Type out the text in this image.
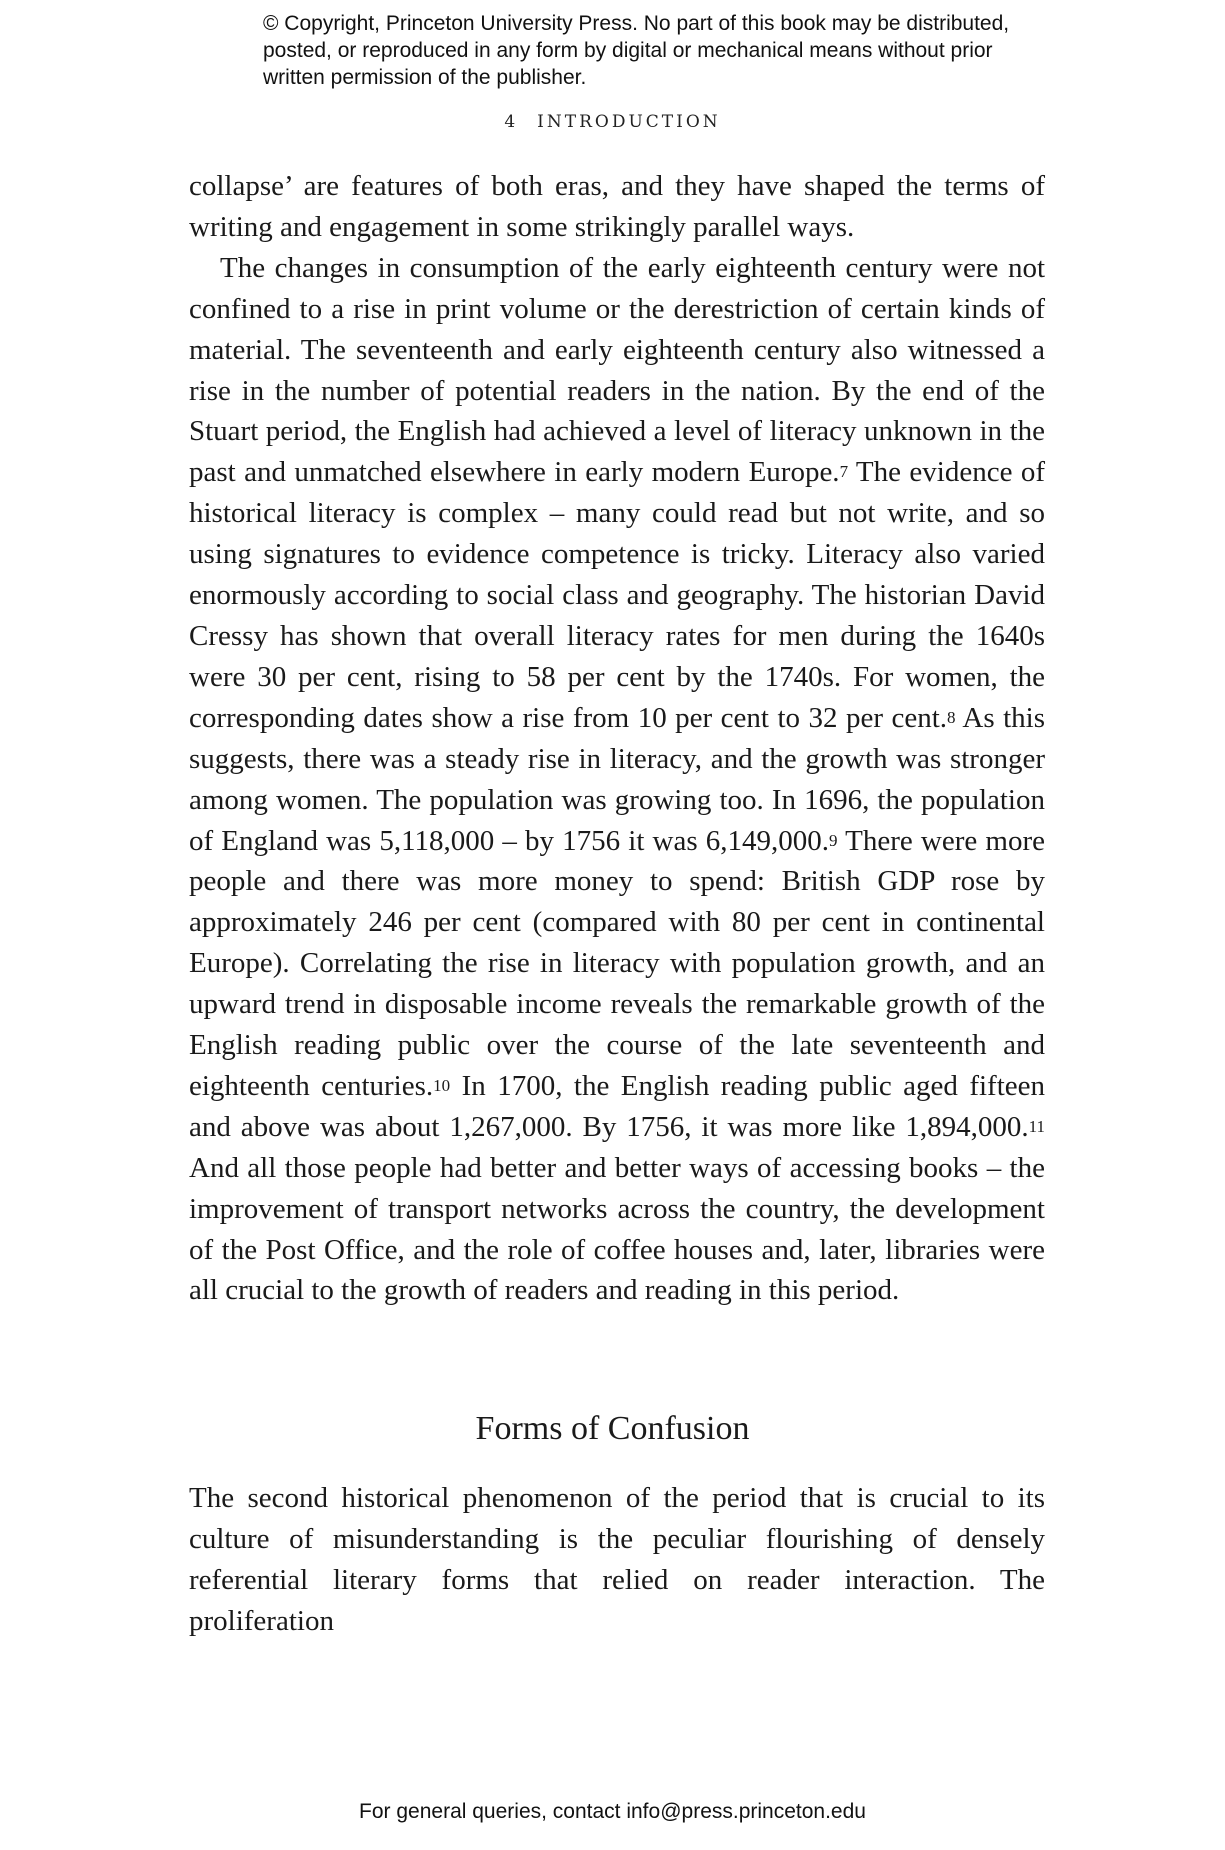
© Copyright, Princeton University Press. No part of this book may be distributed, posted, or reproduced in any form by digital or mechanical means without prior written permission of the publisher.

4 INTRODUCTION

collapse’ are features of both eras, and they have shaped the terms of writing and engagement in some strikingly parallel ways.

The changes in consumption of the early eighteenth century were not confined to a rise in print volume or the derestriction of certain kinds of material. The seventeenth and early eighteenth century also witnessed a rise in the number of potential readers in the nation. By the end of the Stuart period, the English had achieved a level of literacy unknown in the past and unmatched elsewhere in early modern Europe.$^7$ The evidence of historical literacy is complex – many could read but not write, and so using signatures to evidence competence is tricky. Literacy also varied enormously according to social class and geography. The historian David Cressy has shown that overall literacy rates for men during the 1640s were 30 per cent, rising to 58 per cent by the 1740s. For women, the corresponding dates show a rise from 10 per cent to 32 per cent.$^8$ As this suggests, there was a steady rise in literacy, and the growth was stronger among women. The population was growing too. In 1696, the population of England was 5,118,000 – by 1756 it was 6,149,000.$^9$ There were more people and there was more money to spend: British GDP rose by approximately 246 per cent (compared with 80 per cent in continental Europe). Correlating the rise in literacy with population growth, and an upward trend in disposable income reveals the remarkable growth of the English reading public over the course of the late seventeenth and eighteenth centuries.$^{10}$ In 1700, the English reading public aged fifteen and above was about 1,267,000. By 1756, it was more like 1,894,000.11 And all those people had better and better ways of accessing books – the improvement of transport networks across the country, the development of the Post Office, and the role of coffee houses and, later, libraries were all crucial to the growth of readers and reading in this period.

Forms of Confusion

The second historical phenomenon of the period that is crucial to its culture of misunderstanding is the peculiar flourishing of densely referential literary forms that relied on reader interaction. The proliferation

For general queries, contact info@press.princeton.edu
